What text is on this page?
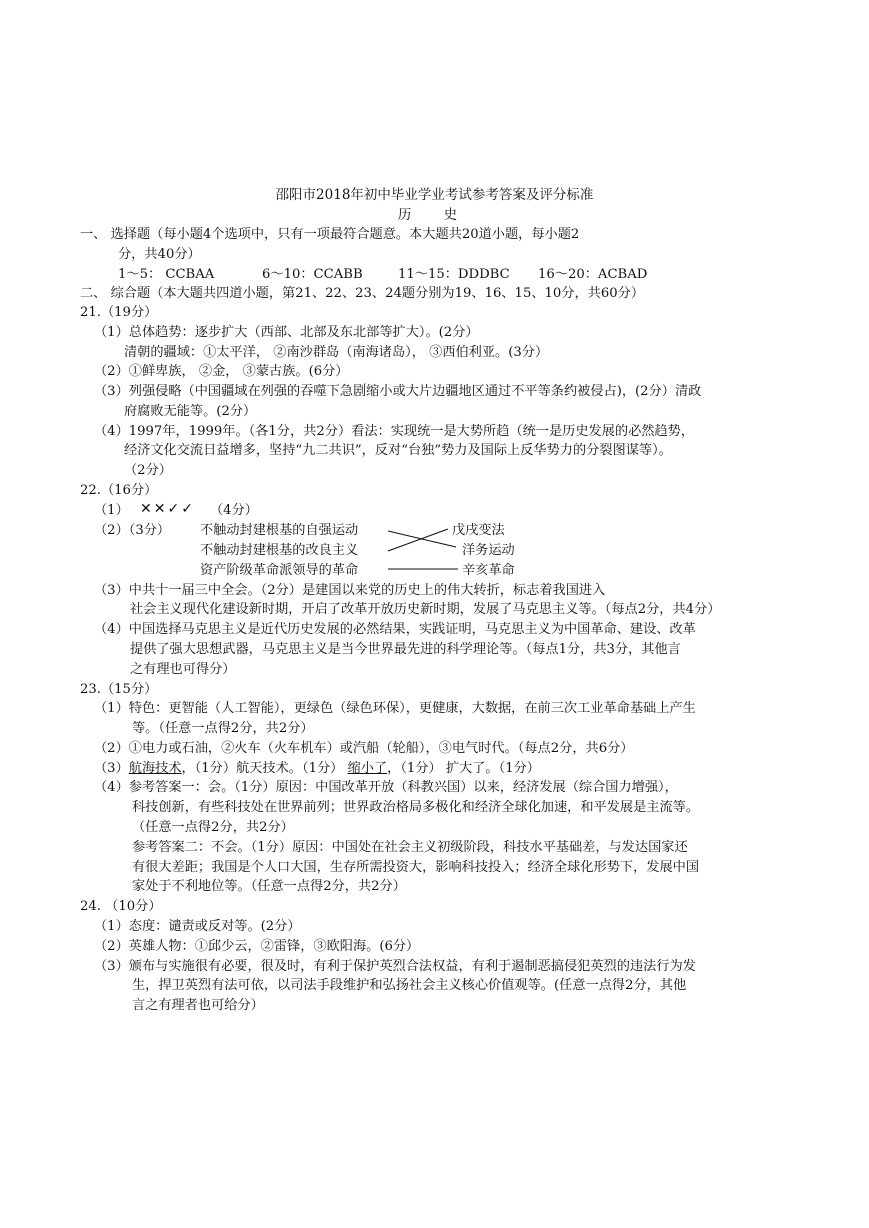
邵阳市2018年初中毕业学业考试参考答案及评分标准
历 史
一、 选择题（每小题4个选项中，只有一项最符合题意。本大题共20道小题，每小题2
分，共40分）
1～5： CCBAA	6～10：CCABB	11～15：DDDBC 16～20：ACBAD
二、 综合题（本大题共四道小题，第21、22、23、24题分别为19、16、15、10分，共60分）
21.（19分）
（1）总体趋势：逐步扩大（西部、北部及东北部等扩大）。(2分）
清朝的疆域：①太平洋， ②南沙群岛（南海诸岛）， ③西伯利亚。(3分）
（2）①鲜卑族， ②金， ③蒙古族。(6分）
（3）列强侵略（中国疆域在列强的吞噬下急剧缩小或大片边疆地区通过不平等条约被侵占)，(2分）清政
府腐败无能等。(2分）
（4）1997年，1999年。（各1分，共2分）看法：实现统一是大势所趋（统一是历史发展的必然趋势，
经济文化交流日益增多，坚持“九二共识”，反对“台独”势力及国际上反华势力的分裂图谋等）。
（2分）
22.（16分）
（1） ✕✕✓✓ （4分）
（2）（3分） 不触动封建根基的自强运动
不触动封建根基的改良主义
资产阶级革命派领导的革命
戊戌变法
洋务运动
辛亥革命
（3）中共十一届三中全会。（2分）是建国以来党的历史上的伟大转折，标志着我国进入
社会主义现代化建设新时期，开启了改革开放历史新时期，发展了马克思主义等。（每点2分，共4分）
（4）中国选择马克思主义是近代历史发展的必然结果，实践证明，马克思主义为中国革命、建设、改革
提供了强大思想武器，马克思主义是当今世界最先进的科学理论等。（每点1分，共3分，其他言
之有理也可得分）
23.（15分）
（1）特色：更智能（人工智能），更绿色（绿色环保），更健康，大数据，在前三次工业革命基础上产生
等。（任意一点得2分，共2分）
（2）①电力或石油，②火车（火车机车）或汽船（轮船），③电气时代。（每点2分，共6分）
（3）航海技术，（1分）航天技术。（1分） 缩小了，（1分） 扩大了。（1分）
（4）参考答案一：会。（1分）原因：中国改革开放（科教兴国）以来，经济发展（综合国力增强），
科技创新，有些科技处在世界前列；世界政治格局多极化和经济全球化加速，和平发展是主流等。
（任意一点得2分，共2分）
参考答案二：不会。（1分）原因：中国处在社会主义初级阶段，科技水平基础差，与发达国家还
有很大差距；我国是个人口大国，生存所需投资大，影响科技投入；经济全球化形势下，发展中国
家处于不利地位等。（任意一点得2分，共2分）
24. （10分）
（1）态度：谴责或反对等。(2分）
（2）英雄人物：①邱少云，②雷锋，③欧阳海。(6分）
（3）颁布与实施很有必要，很及时，有利于保护英烈合法权益，有利于遏制恶搞侵犯英烈的违法行为发
生，捍卫英烈有法可依，以司法手段维护和弘扬社会主义核心价值观等。(任意一点得2分，其他
言之有理者也可给分）
